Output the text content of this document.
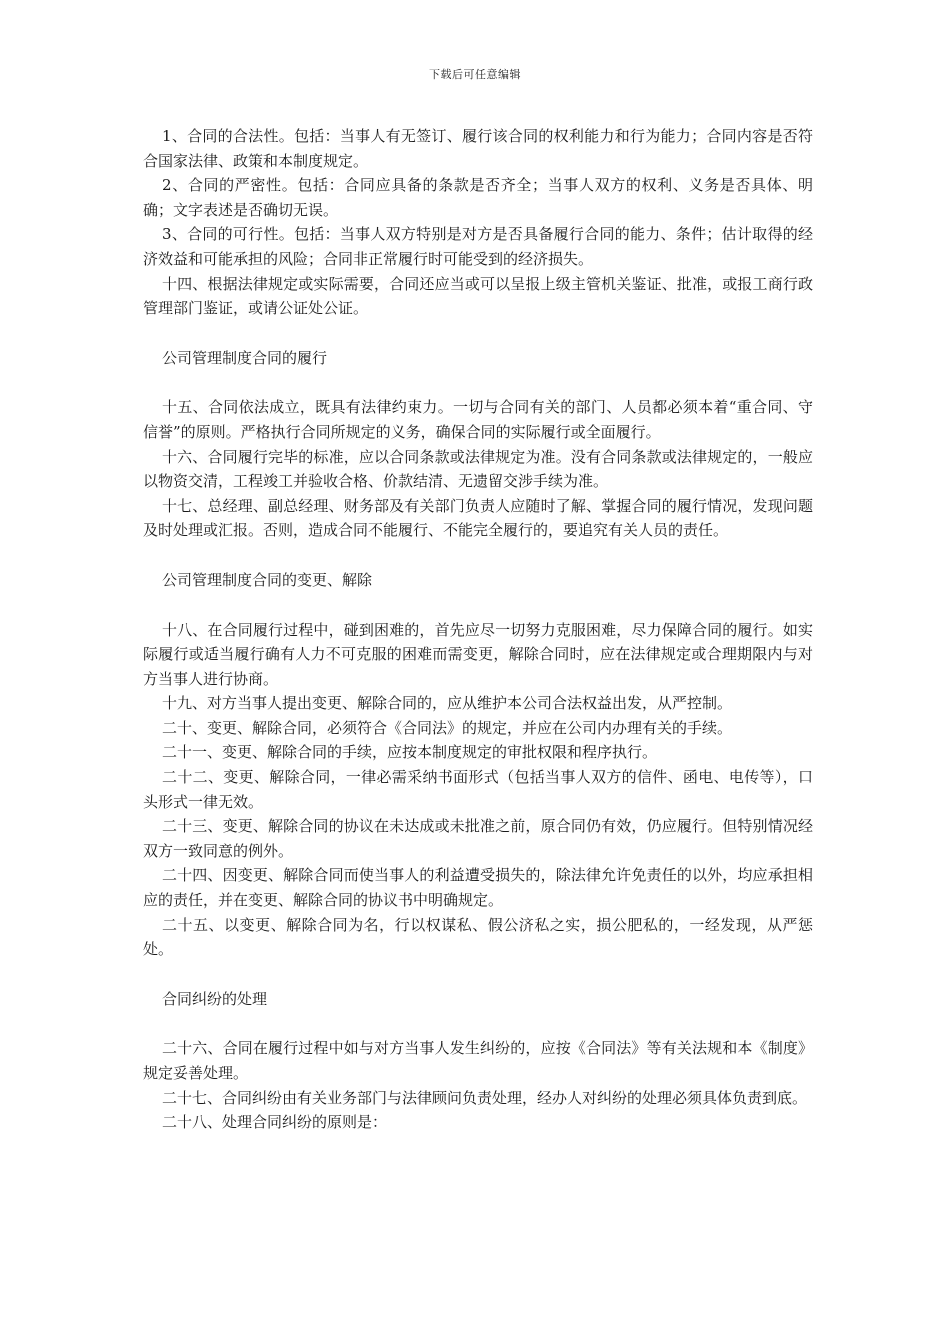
下载后可任意编辑

1、合同的合法性。包括：当事人有无签订、履行该合同的权利能力和行为能力；合同内容是否符合国家法律、政策和本制度规定。

2、合同的严密性。包括：合同应具备的条款是否齐全；当事人双方的权利、义务是否具体、明确；文字表述是否确切无误。

3、合同的可行性。包括：当事人双方特别是对方是否具备履行合同的能力、条件；估计取得的经济效益和可能承担的风险；合同非正常履行时可能受到的经济损失。

十四、根据法律规定或实际需要，合同还应当或可以呈报上级主管机关鉴证、批准，或报工商行政管理部门鉴证，或请公证处公证。

公司管理制度合同的履行

十五、合同依法成立，既具有法律约束力。一切与合同有关的部门、人员都必须本着“重合同、守信誉”的原则。严格执行合同所规定的义务，确保合同的实际履行或全面履行。

十六、合同履行完毕的标准，应以合同条款或法律规定为准。没有合同条款或法律规定的，一般应以物资交清，工程竣工并验收合格、价款结清、无遗留交涉手续为准。

十七、总经理、副总经理、财务部及有关部门负责人应随时了解、掌握合同的履行情况，发现问题及时处理或汇报。否则，造成合同不能履行、不能完全履行的，要追究有关人员的责任。

公司管理制度合同的变更、解除

十八、在合同履行过程中，碰到困难的，首先应尽一切努力克服困难，尽力保障合同的履行。如实际履行或适当履行确有人力不可克服的困难而需变更，解除合同时，应在法律规定或合理期限内与对方当事人进行协商。

十九、对方当事人提出变更、解除合同的，应从维护本公司合法权益出发，从严控制。

二十、变更、解除合同，必须符合《合同法》的规定，并应在公司内办理有关的手续。

二十一、变更、解除合同的手续，应按本制度规定的审批权限和程序执行。

二十二、变更、解除合同，一律必需采纳书面形式（包括当事人双方的信件、函电、电传等），口头形式一律无效。

二十三、变更、解除合同的协议在未达成或未批准之前，原合同仍有效，仍应履行。但特别情况经双方一致同意的例外。

二十四、因变更、解除合同而使当事人的利益遭受损失的，除法律允许免责任的以外，均应承担相应的责任，并在变更、解除合同的协议书中明确规定。

二十五、以变更、解除合同为名，行以权谋私、假公济私之实，损公肥私的，一经发现，从严惩处。

合同纠纷的处理

二十六、合同在履行过程中如与对方当事人发生纠纷的，应按《合同法》等有关法规和本《制度》规定妥善处理。

二十七、合同纠纷由有关业务部门与法律顾问负责处理，经办人对纠纷的处理必须具体负责到底。

二十八、处理合同纠纷的原则是：
